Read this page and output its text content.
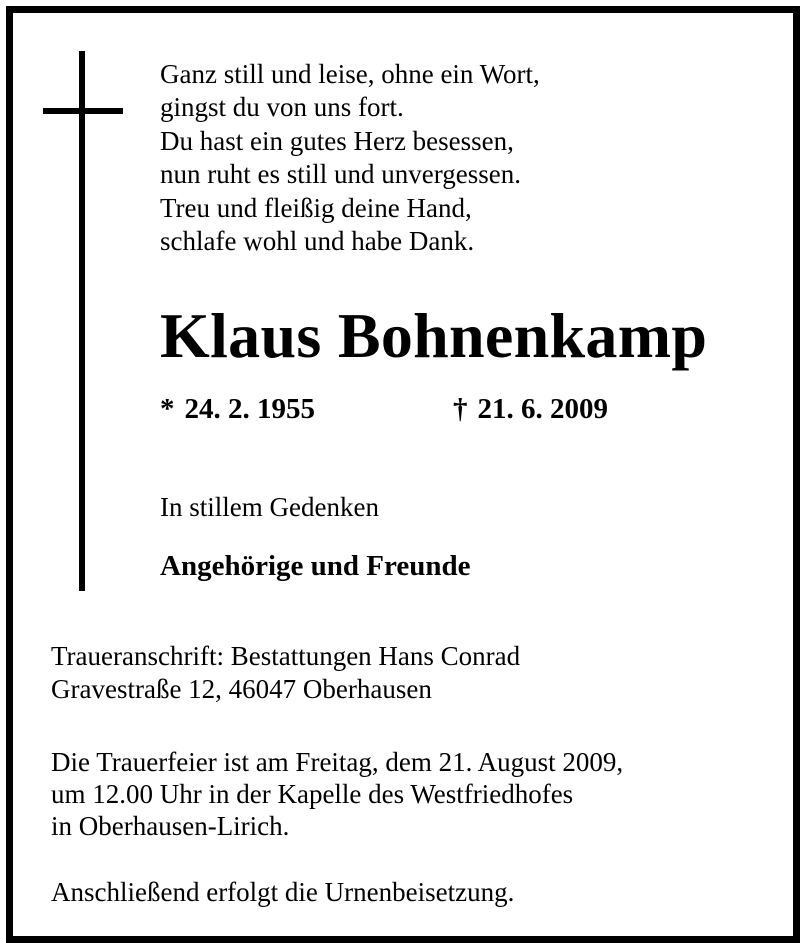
Ganz still und leise, ohne ein Wort,
gingst du von uns fort.
Du hast ein gutes Herz besessen,
nun ruht es still und unvergessen.
Treu und fleißig deine Hand,
schlafe wohl und habe Dank.
Klaus Bohnenkamp
* 24. 2. 1955	† 21. 6. 2009
In stillem Gedenken
Angehörige und Freunde
Traueranschrift: Bestattungen Hans Conrad
Gravestraße 12, 46047 Oberhausen
Die Trauerfeier ist am Freitag, dem 21. August 2009,
um 12.00 Uhr in der Kapelle des Westfriedhofes
in Oberhausen-Lirich.
Anschließend erfolgt die Urnenbeisetzung.
